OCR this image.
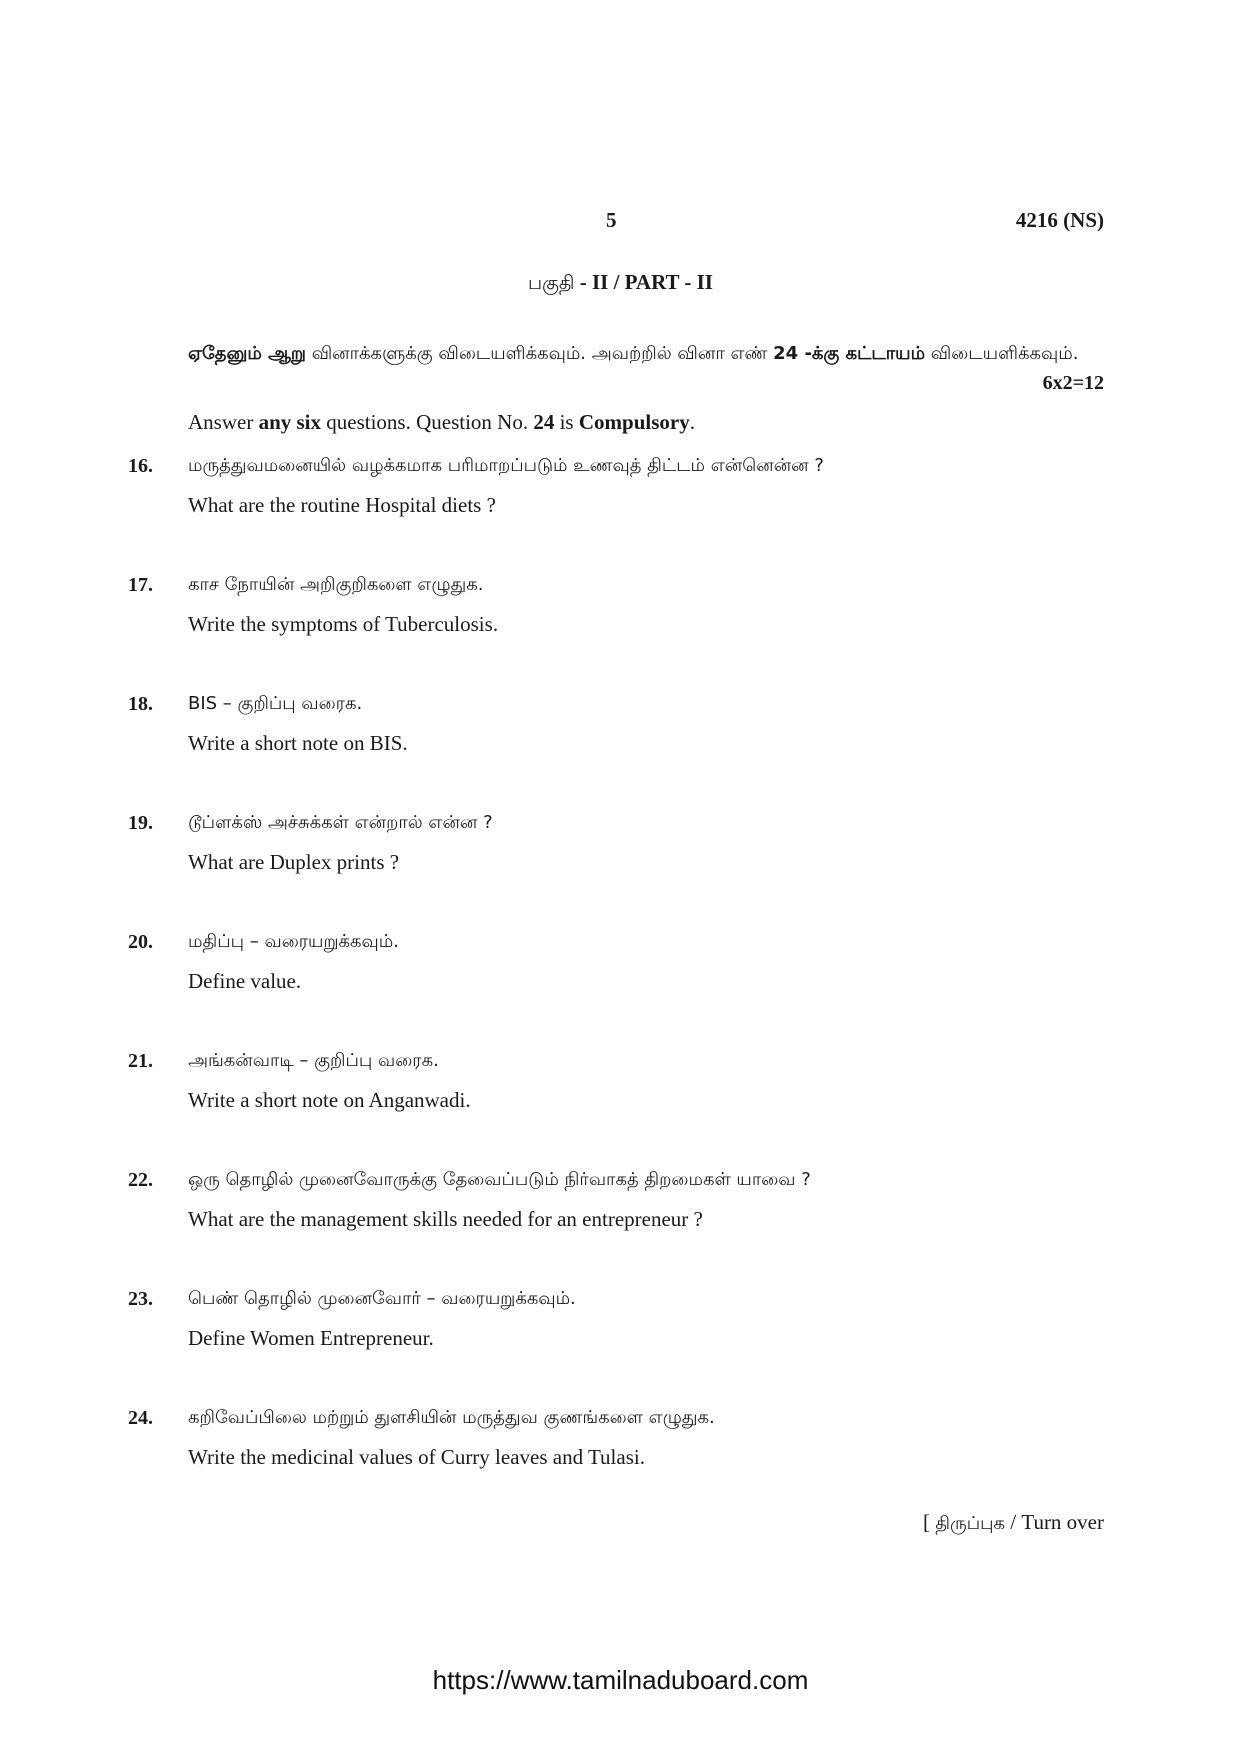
5	4216 (NS)
பகுதி - II / PART - II
ஏதேனும் ஆறு வினாக்களுக்கு விடையளிக்கவும். அவற்றில் வினா எண் 24 -க்கு கட்டாயம் விடையளிக்கவும்.
6x2=12
Answer any six questions. Question No. 24 is Compulsory.
16. மருத்துவமனையில் வழக்கமாக பரிமாறப்படும் உணவுத் திட்டம் என்னென்ன ?
What are the routine Hospital diets ?
17. காச நோயின் அறிகுறிகளை எழுதுக.
Write the symptoms of Tuberculosis.
18. BIS – குறிப்பு வரைக.
Write a short note on BIS.
19. டூப்ளக்ஸ் அச்சுக்கள் என்றால் என்ன ?
What are Duplex prints ?
20. மதிப்பு – வரையறுக்கவும்.
Define value.
21. அங்கன்வாடி – குறிப்பு வரைக.
Write a short note on Anganwadi.
22. ஒரு தொழில் முனைவோருக்கு தேவைப்படும் நிர்வாகத் திறமைகள் யாவை ?
What are the management skills needed for an entrepreneur ?
23. பெண் தொழில் முனைவோர் – வரையறுக்கவும்.
Define Women Entrepreneur.
24. கறிவேப்பிலை மற்றும் துளசியின் மருத்துவ குணங்களை எழுதுக.
Write the medicinal values of Curry leaves and Tulasi.
[ திருப்புக / Turn over
https://www.tamilnaduboard.com
